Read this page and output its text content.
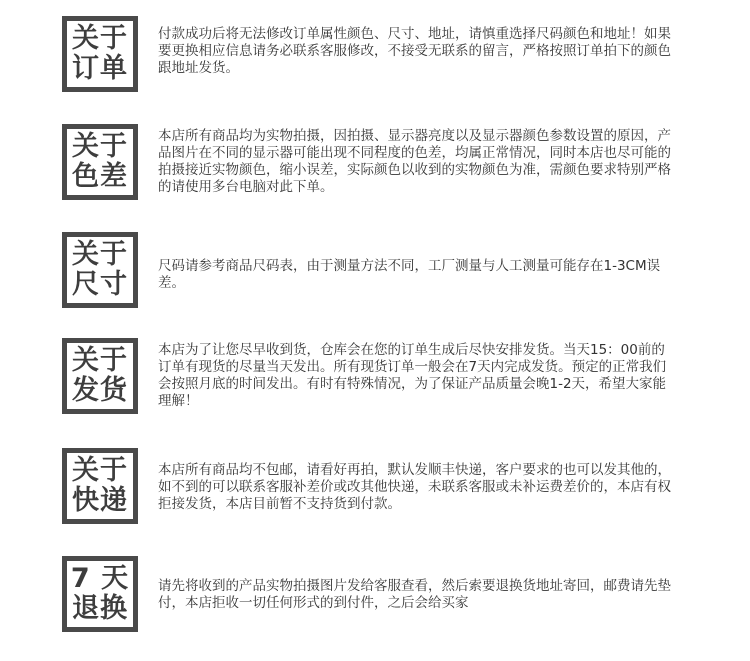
关于
订单

付款成功后将无法修改订单属性颜色、尺寸、地址，请慎重选择尺码颜色和地址！如果要更换相应信息请务必联系客服修改，不接受无联系的留言，严格按照订单拍下的颜色跟地址发货。

关于
色差

本店所有商品均为实物拍摄，因拍摄、显示器亮度以及显示器颜色参数设置的原因，产品图片在不同的显示器可能出现不同程度的色差，均属正常情况，同时本店也尽可能的拍摄接近实物颜色，缩小误差，实际颜色以收到的实物颜色为准，需颜色要求特别严格的请使用多台电脑对此下单。

关于
尺寸

尺码请参考商品尺码表，由于测量方法不同，工厂测量与人工测量可能存在1-3CM误差。

关于
发货

本店为了让您尽早收到货，仓库会在您的订单生成后尽快安排发货。当天15：00前的订单有现货的尽量当天发出。所有现货订单一般会在7天内完成发货。预定的正常我们会按照月底的时间发出。有时有特殊情况，为了保证产品质量会晚1-2天，希望大家能理解！

关于
快递

本店所有商品均不包邮，请看好再拍，默认发顺丰快递，客户要求的也可以发其他的，如不到的可以联系客服补差价或改其他快递，未联系客服或未补运费差价的，本店有权拒接发货，本店目前暂不支持货到付款。

7 天
退换

请先将收到的产品实物拍摄图片发给客服查看，然后索要退换货地址寄回，邮费请先垫付，本店拒收一切任何形式的到付件，之后会给买家
